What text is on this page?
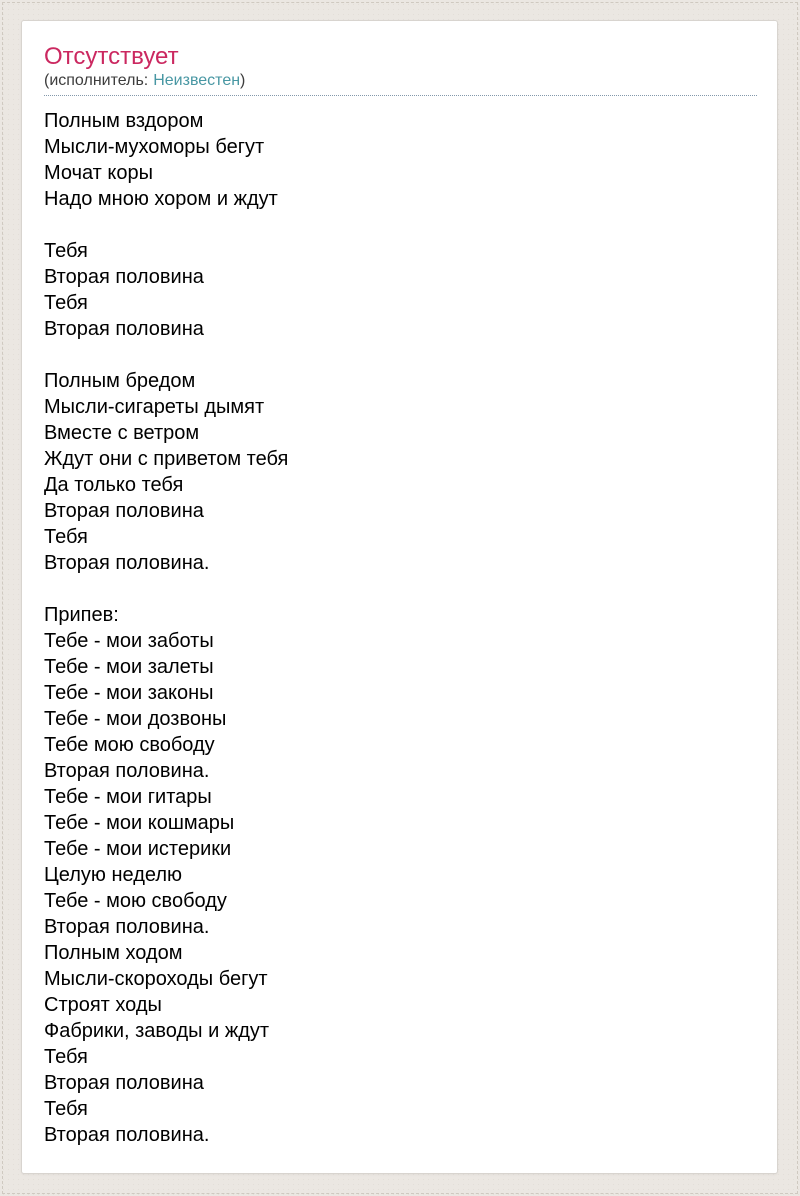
Отсутствует
(исполнитель: Неизвестен)
Полным вздором
Мысли-мухоморы бегут
Мочат коры
Надо мною хором и ждут

Тебя
Вторая половина
Тебя
Вторая половина

Полным бредом
Мысли-сигареты дымят
Вместе с ветром
Ждут они с приветом тебя
Да только тебя
Вторая половина
Тебя
Вторая половина.

Припев:
Тебе - мои заботы
Тебе - мои залеты
Тебе - мои законы
Тебе - мои дозвоны
Тебе мою свободу
Вторая половина.
Тебе - мои гитары
Тебе - мои кошмары
Тебе - мои истерики
Целую неделю
Тебе - мою свободу
Вторая половина.
Полным ходом
Мысли-скороходы бегут
Строят ходы
Фабрики, заводы и ждут
Тебя
Вторая половина
Тебя
Вторая половина.
